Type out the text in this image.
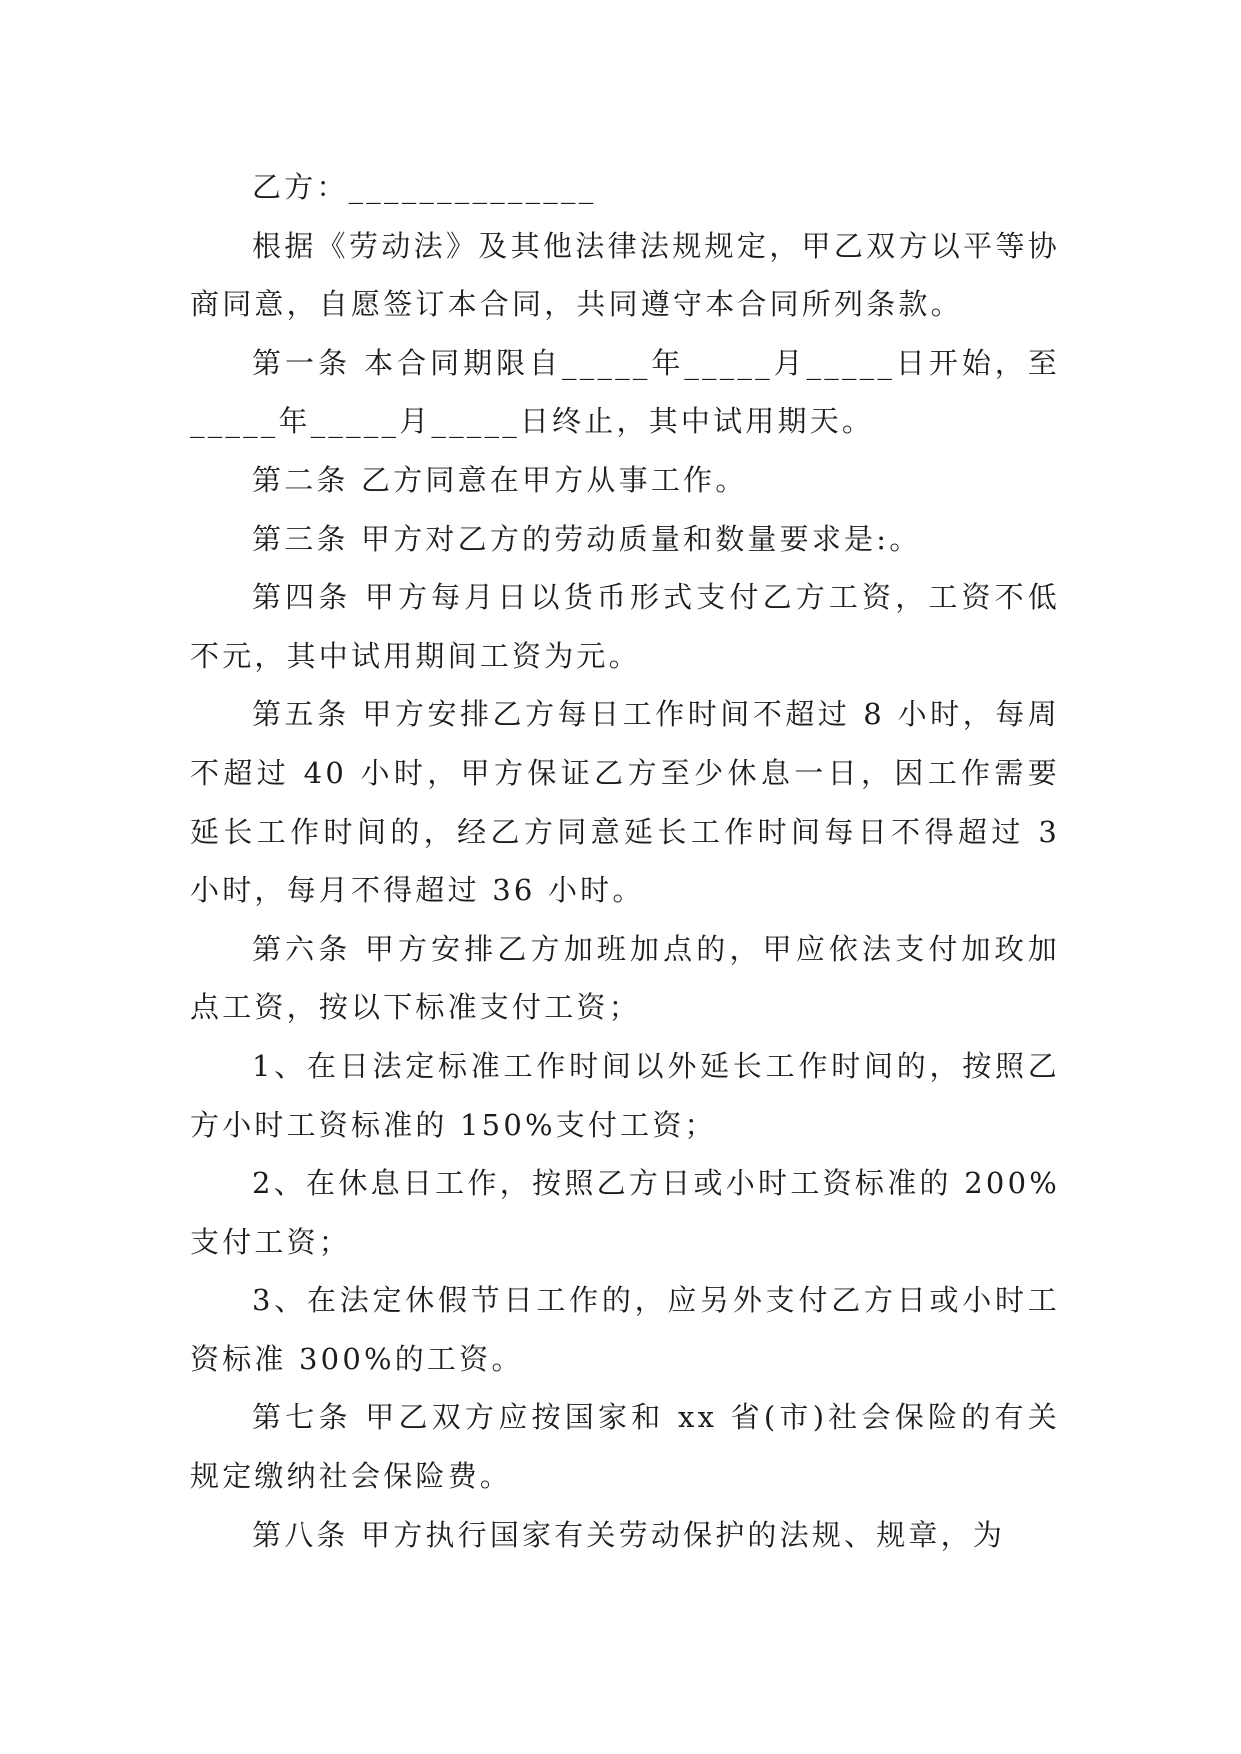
乙方：______________

根据《劳动法》及其他法律法规规定，甲乙双方以平等协商同意，自愿签订本合同，共同遵守本合同所列条款。

第一条 本合同期限自_____年_____月_____日开始，至_____年_____月_____日终止，其中试用期天。

第二条 乙方同意在甲方从事工作。

第三条 甲方对乙方的劳动质量和数量要求是:。

第四条 甲方每月日以货币形式支付乙方工资，工资不低不元，其中试用期间工资为元。

第五条 甲方安排乙方每日工作时间不超过 8 小时，每周不超过 40 小时，甲方保证乙方至少休息一日，因工作需要延长工作时间的，经乙方同意延长工作时间每日不得超过 3 小时，每月不得超过 36 小时。

第六条 甲方安排乙方加班加点的，甲应依法支付加玫加点工资，按以下标准支付工资；

1、在日法定标准工作时间以外延长工作时间的，按照乙方小时工资标准的 150%支付工资；

2、在休息日工作，按照乙方日或小时工资标准的 200%支付工资；

3、在法定休假节日工作的，应另外支付乙方日或小时工资标准 300%的工资。

第七条 甲乙双方应按国家和 xx 省(市)社会保险的有关规定缴纳社会保险费。

第八条 甲方执行国家有关劳动保护的法规、规章，为
